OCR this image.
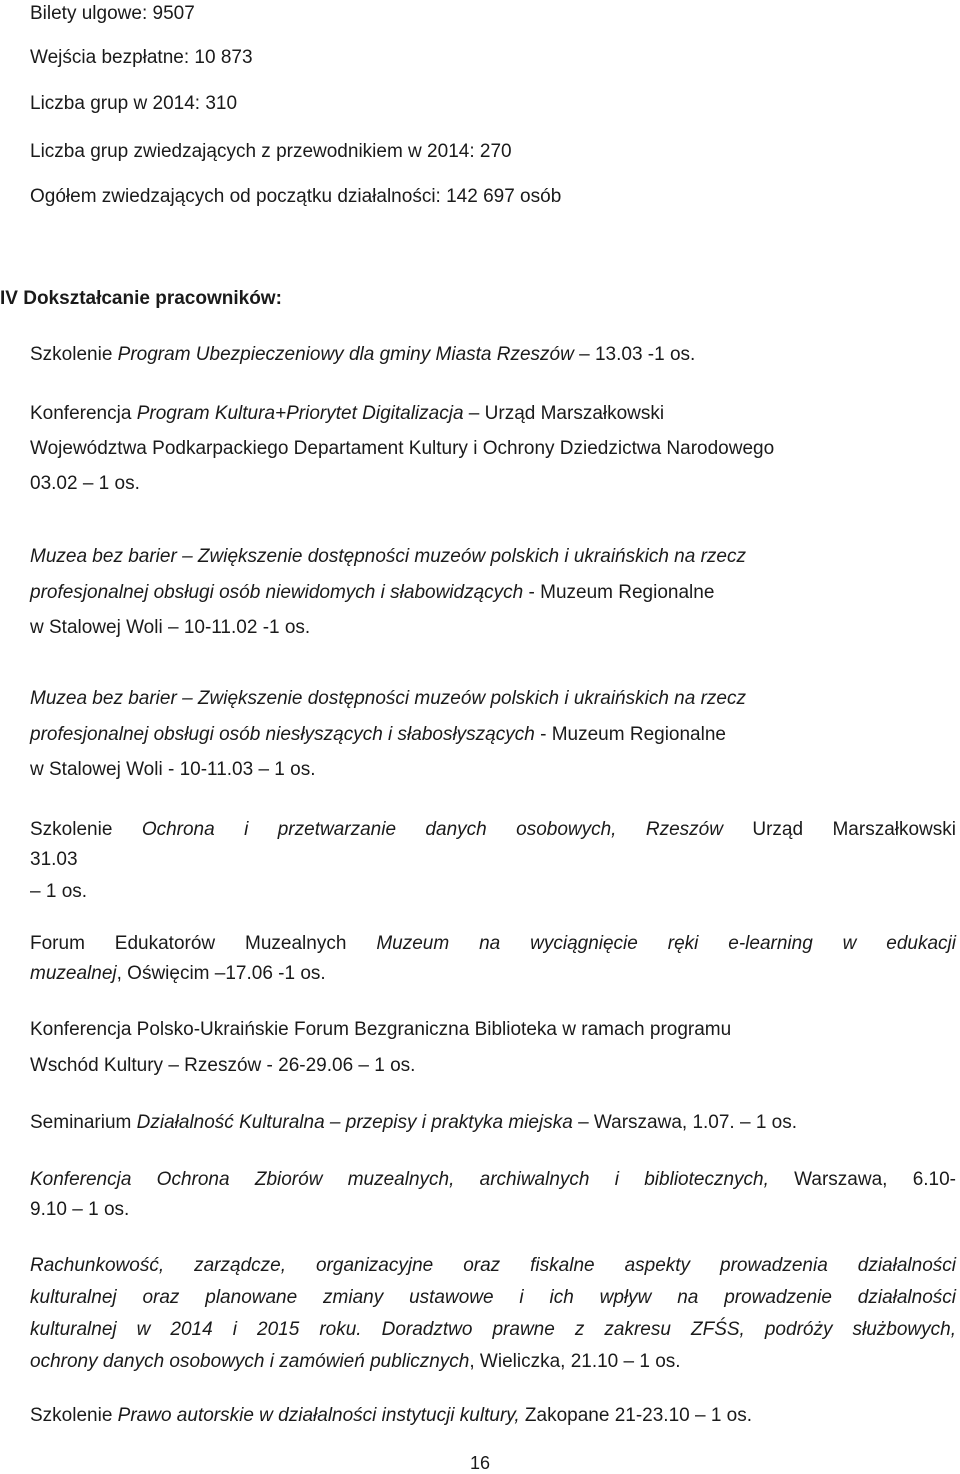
Bilety ulgowe: 9507

Wejścia bezpłatne: 10 873

Liczba grup w 2014: 310

Liczba grup zwiedzających z przewodnikiem w 2014: 270

Ogółem zwiedzających od początku działalności: 142 697 osób

IV Dokształcanie pracowników:

Szkolenie Program Ubezpieczeniowy dla gminy Miasta Rzeszów – 13.03 -1 os.

Konferencja Program Kultura+Priorytet Digitalizacja – Urząd Marszałkowski

Województwa Podkarpackiego Departament Kultury i Ochrony Dziedzictwa Narodowego

03.02 – 1 os.

Muzea bez barier – Zwiększenie dostępności muzeów polskich i ukraińskich na rzecz

profesjonalnej obsługi osób niewidomych i słabowidzących - Muzeum Regionalne

w Stalowej Woli – 10-11.02 -1 os.

Muzea bez barier – Zwiększenie dostępności muzeów polskich i ukraińskich na rzecz

profesjonalnej obsługi osób niesłyszących i słabosłyszących - Muzeum Regionalne

w Stalowej Woli - 10-11.03 – 1 os.

Szkolenie Ochrona i przetwarzanie danych osobowych, Rzeszów Urząd Marszałkowski

31.03

– 1 os.

Forum Edukatorów Muzealnych Muzeum na wyciągnięcie ręki e-learning w edukacji

muzealnej, Oświęcim –17.06 -1 os.

Konferencja Polsko-Ukraińskie Forum Bezgraniczna Biblioteka w ramach programu

Wschód Kultury – Rzeszów - 26-29.06 – 1 os.

Seminarium Działalność Kulturalna – przepisy i praktyka miejska – Warszawa, 1.07. – 1 os.

Konferencja Ochrona Zbiorów muzealnych, archiwalnych i bibliotecznych, Warszawa, 6.10-

9.10 – 1 os.

Rachunkowość, zarządcze, organizacyjne oraz fiskalne aspekty prowadzenia działalności

kulturalnej oraz planowane zmiany ustawowe i ich wpływ na prowadzenie działalności

kulturalnej w 2014 i 2015 roku. Doradztwo prawne z zakresu ZFŚS, podróży służbowych,

ochrony danych osobowych i zamówień publicznych, Wieliczka, 21.10 – 1 os.

Szkolenie Prawo autorskie w działalności instytucji kultury, Zakopane 21-23.10 – 1 os.

16
